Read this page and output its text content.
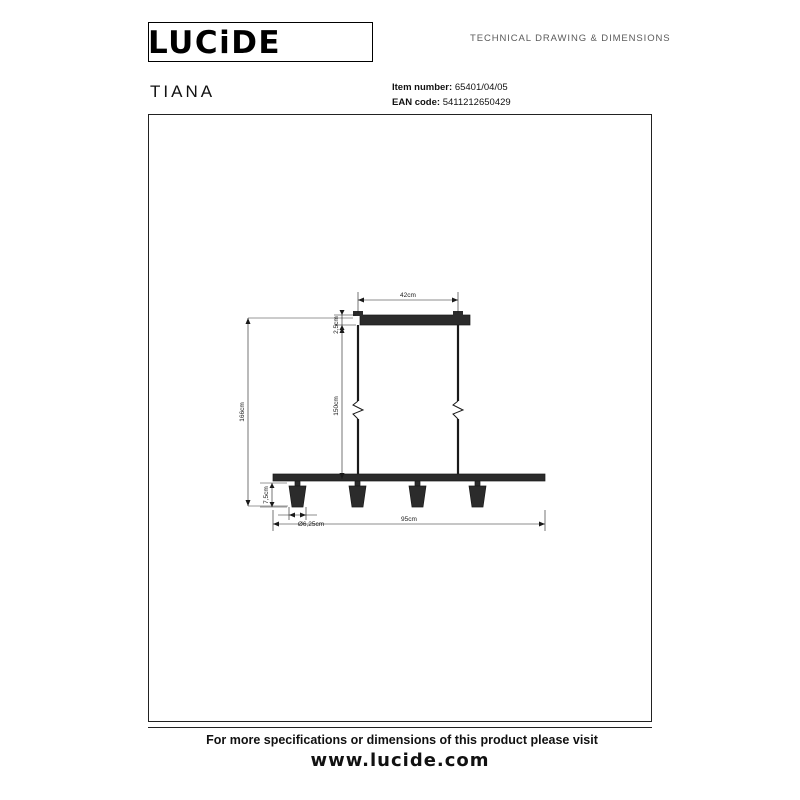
LUCiDE	TECHNICAL DRAWING & DIMENSIONS
TIANA	Item number: 65401/04/05
EAN code: 5411212650429
42cm
2,5cm
150cm
166cm
7,5cm
Ø6,25cm
95cm
For more specifications or dimensions of this product please visit
www.lucide.com
